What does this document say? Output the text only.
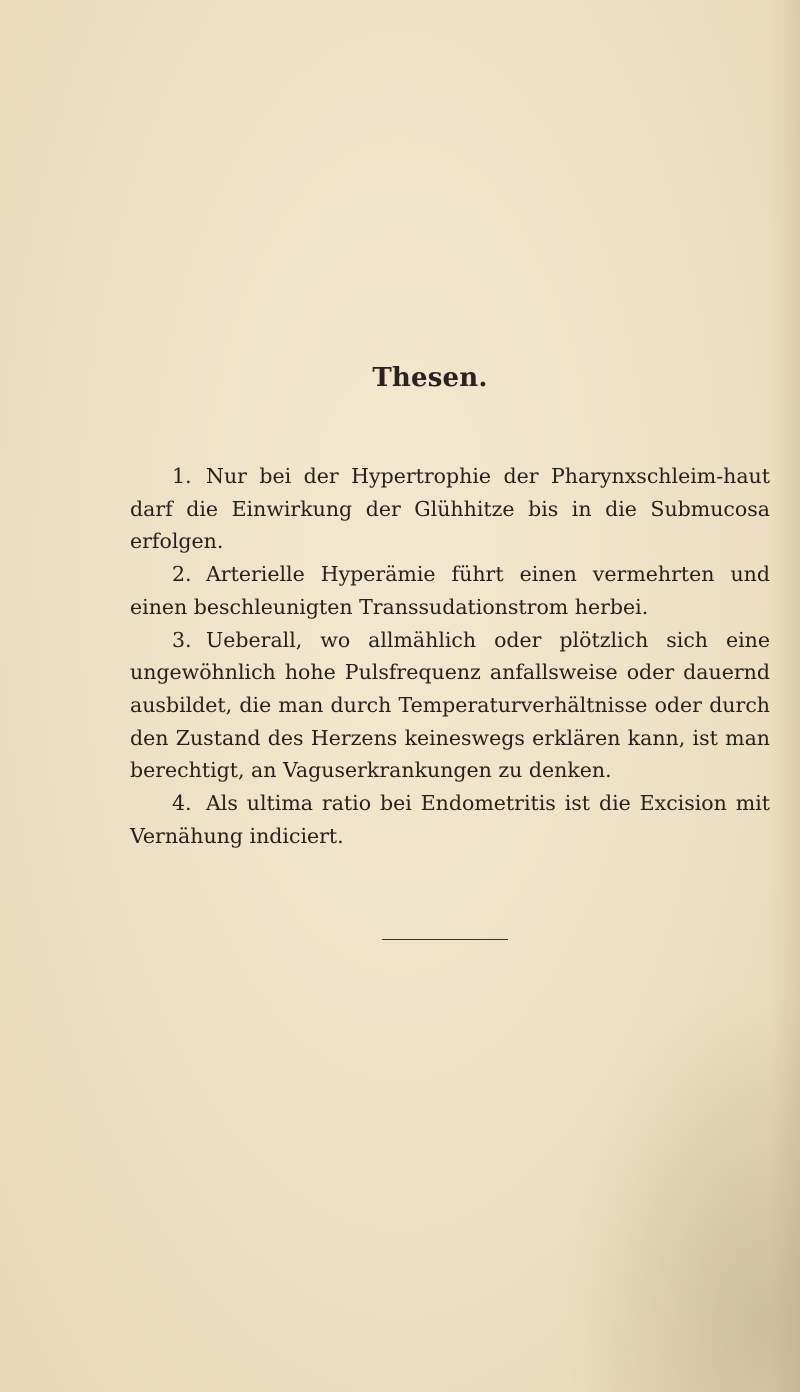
Thesen.

1. Nur bei der Hypertrophie der Pharynxschleim-haut darf die Einwirkung der Glühhitze bis in die Submucosa erfolgen.

2. Arterielle Hyperämie führt einen vermehrten und einen beschleunigten Transsudationstrom herbei.

3. Ueberall, wo allmählich oder plötzlich sich eine ungewöhnlich hohe Pulsfrequenz anfallsweise oder dauernd ausbildet, die man durch Temperaturverhältnisse oder durch den Zustand des Herzens keineswegs erklären kann, ist man berechtigt, an Vaguserkrankungen zu denken.

4. Als ultima ratio bei Endometritis ist die Excision mit Vernähung indiciert.
